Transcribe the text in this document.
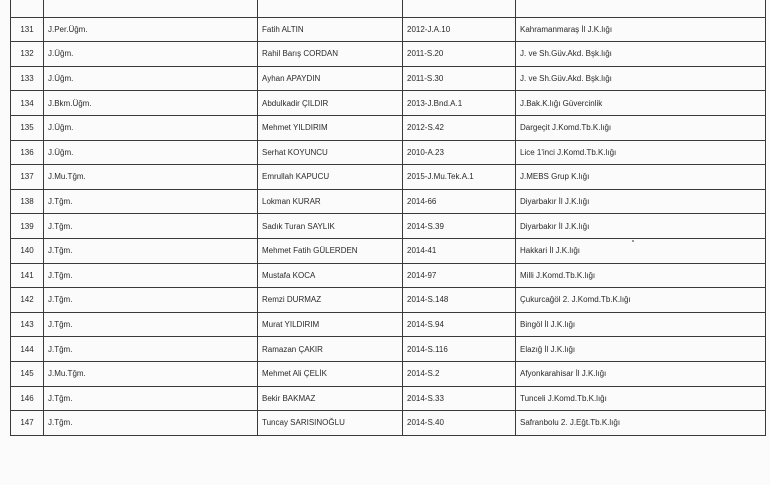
131	J.Per.Üğm.	Fatih ALTIN	2012-J.A.10	Kahramanmaraş İl J.K.lığı
132	J.Üğm.	Rahil Barış CORDAN	2011-S.20	J. ve Sh.Güv.Akd. Bşk.lığı
133	J.Üğm.	Ayhan APAYDIN	2011-S.30	J. ve Sh.Güv.Akd. Bşk.lığı
134	J.Bkm.Üğm.	Abdulkadir ÇILDIR	2013-J.Bnd.A.1	J.Bak.K.lığı Güvercinlik
135	J.Üğm.	Mehmet YILDIRIM	2012-S.42	Dargeçit J.Komd.Tb.K.lığı
136	J.Üğm.	Serhat KOYUNCU	2010-A.23	Lice 1'inci J.Komd.Tb.K.lığı
137	J.Mu.Tğm.	Emrullah KAPUCU	2015-J.Mu.Tek.A.1	J.MEBS Grup K.lığı
138	J.Tğm.	Lokman KURAR	2014-66	Diyarbakır İl J.K.lığı
139	J.Tğm.	Sadık Turan SAYLIK	2014-S.39	Diyarbakır İl J.K.lığı
140	J.Tğm.	Mehmet Fatih GÜLERDEN	2014-41	Hakkari İl J.K.lığı
141	J.Tğm.	Mustafa KOCA	2014-97	Milli J.Komd.Tb.K.lığı
142	J.Tğm.	Remzi DURMAZ	2014-S.148	Çukurcağöl 2. J.Komd.Tb.K.lığı
143	J.Tğm.	Murat YILDIRIM	2014-S.94	Bingöl İl J.K.lığı
144	J.Tğm.	Ramazan ÇAKIR	2014-S.116	Elazığ İl J.K.lığı
145	J.Mu.Tğm.	Mehmet Ali ÇELİK	2014-S.2	Afyonkarahisar İl J.K.lığı
146	J.Tğm.	Bekir BAKMAZ	2014-S.33	Tunceli J.Komd.Tb.K.lığı
147	J.Tğm.	Tuncay SARISINOĞLU	2014-S.40	Safranbolu 2. J.Eğt.Tb.K.lığı
